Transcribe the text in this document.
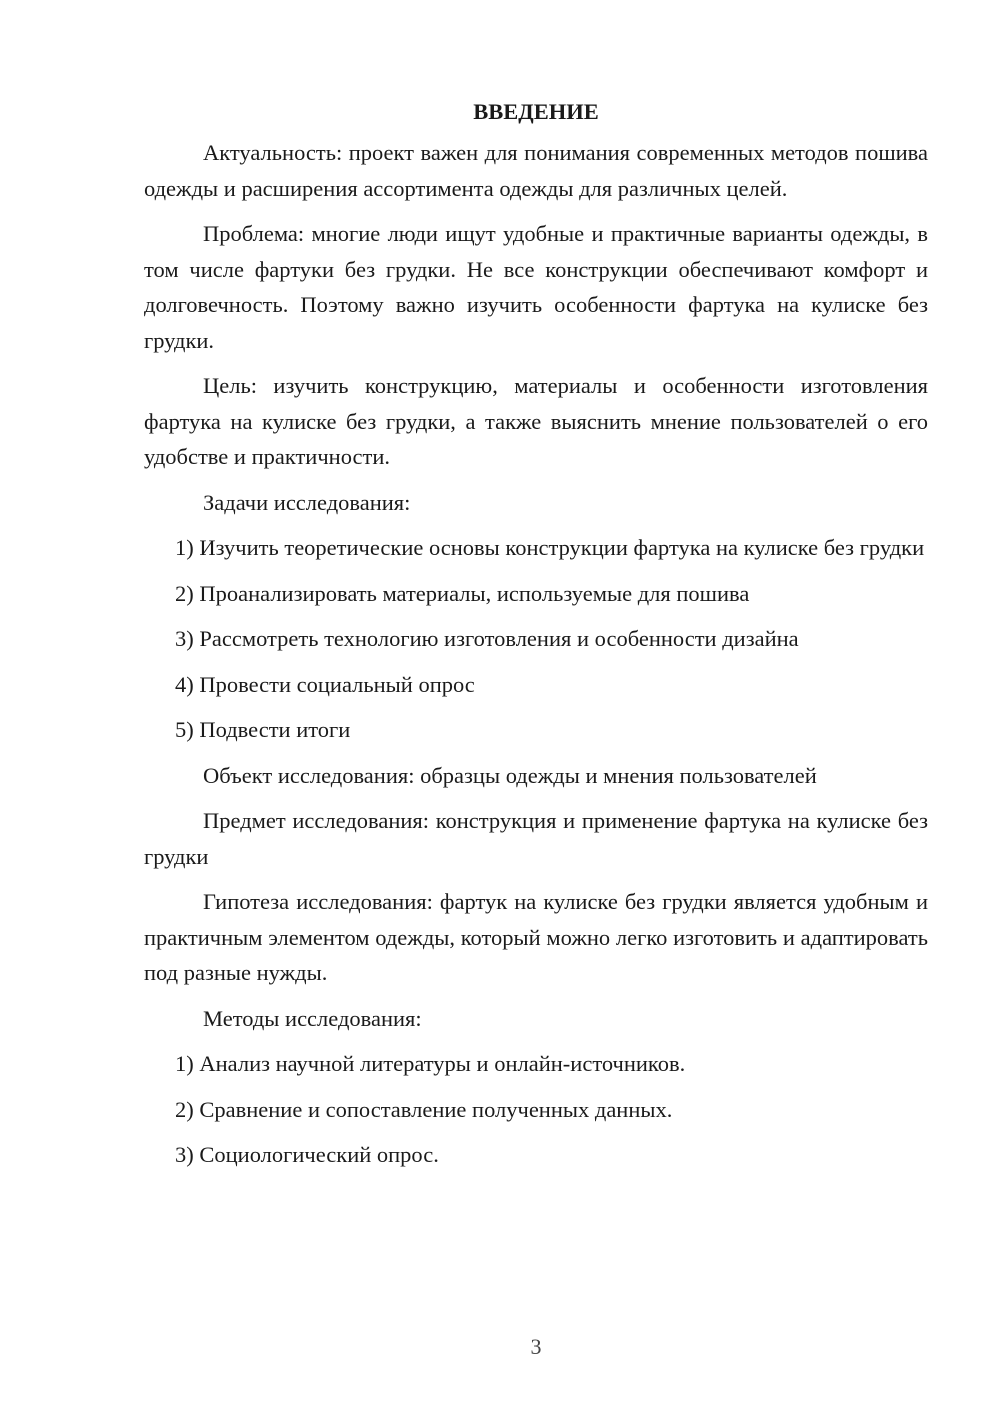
ВВЕДЕНИЕ

Актуальность: проект важен для понимания современных методов пошива одежды и расширения ассортимента одежды для различных целей.

Проблема: многие люди ищут удобные и практичные варианты одежды, в том числе фартуки без грудки. Не все конструкции обеспечивают комфорт и долговечность. Поэтому важно изучить особенности фартука на кулиске без грудки.

Цель: изучить конструкцию, материалы и особенности изготовления фартука на кулиске без грудки, а также выяснить мнение пользователей о его удобстве и практичности.

Задачи исследования:

1) Изучить теоретические основы конструкции фартука на кулиске без грудки

2) Проанализировать материалы, используемые для пошива

3) Рассмотреть технологию изготовления и особенности дизайна

4) Провести социальный опрос

5) Подвести итоги

Объект исследования: образцы одежды и мнения пользователей

Предмет исследования: конструкция и применение фартука на кулиске без грудки

Гипотеза исследования: фартук на кулиске без грудки является удобным и практичным элементом одежды, который можно легко изготовить и адаптировать под разные нужды.

Методы исследования:

1) Анализ научной литературы и онлайн-источников.

2) Сравнение и сопоставление полученных данных.

3) Социологический опрос.

3
